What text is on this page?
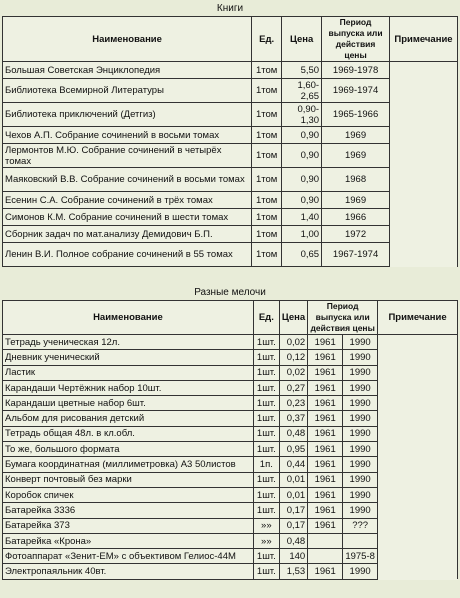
Книги
Наименование	Ед.	Цена	Период выпуска или действия цены	Примечание
Большая Советская Энциклопедия	1том	5,50	1969-1978	
Библиотека Всемирной Литературы	1том	1,60-2,65	1969-1974	
Библиотека приключений (Детгиз)	1том	0,90-1,30	1965-1966	
Чехов А.П. Собрание сочинений в восьми томах	1том	0,90	1969	
Лермонтов М.Ю. Собрание сочинений в четырёх томах	1том	0,90	1969	
Маяковский В.В. Собрание сочинений в восьми томах	1том	0,90	1968	
Есенин С.А. Собрание сочинений в трёх томах	1том	0,90	1969	
Симонов К.М. Собрание сочинений в шести томах	1том	1,40	1966	
Сборник задач по мат.анализу Демидович Б.П.	1том	1,00	1972	
Ленин В.И. Полное собрание сочинений в 55 томах	1том	0,65	1967-1974	
Разные мелочи
Наименование	Ед.	Цена	Период выпуска или действия цены		Примечание
Тетрадь ученическая 12л.	1шт.	0,02	1961	1990	
Дневник ученический	1шт.	0,12	1961	1990	
Ластик	1шт.	0,02	1961	1990	
Карандаши Чертёжник набор 10шт.	1шт.	0,27	1961	1990	
Карандаши цветные набор 6шт.	1шт.	0,23	1961	1990	
Альбом для рисования детский	1шт.	0,37	1961	1990	
Тетрадь общая 48л. в кл.обл.	1шт.	0,48	1961	1990	
То же, большого формата	1шт.	0,95	1961	1990	
Бумага координатная (миллиметровка) А3 50листов	1п.	0,44	1961	1990	
Конверт почтовый без марки	1шт.	0,01	1961	1990	
Коробок спичек	1шт.	0,01	1961	1990	
Батарейка 3336	1шт.	0,17	1961	1990	
Батарейка 373	»»	0,17	1961	???	
Батарейка «Крона»	»»	0,48			
Фотоаппарат «Зенит-ЕМ» с объективом Гелиос-44М	1шт.	140		1975-8	
Электропаяльник 40вт.	1шт.	1,53	1961	1990	
